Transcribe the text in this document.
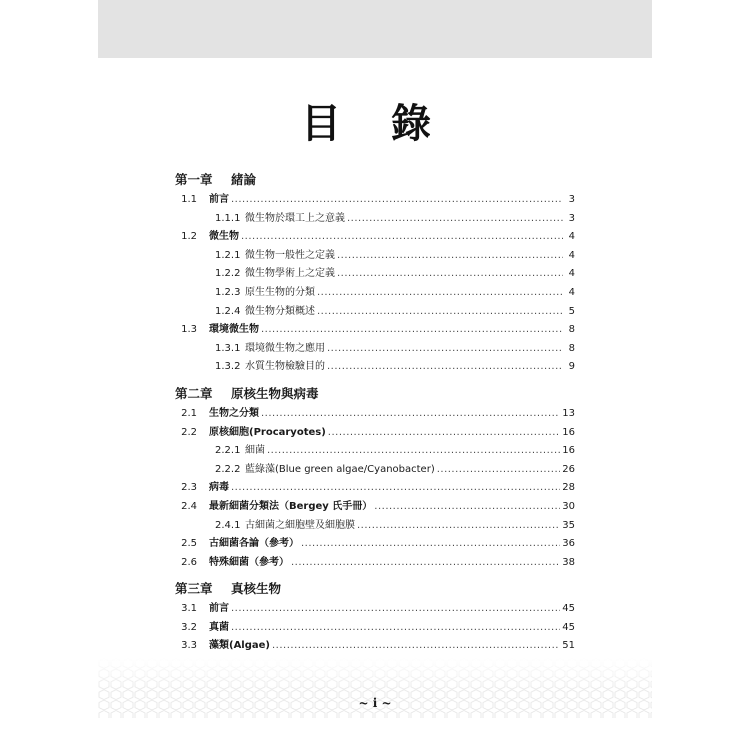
目 錄
第一章	緒論
1.1	前言 .....	3
1.1.1 微生物於環工上之意義 .....	3
1.2	微生物 .....	4
1.2.1 微生物一般性之定義 .....	4
1.2.2 微生物學術上之定義 .....	4
1.2.3 原生生物的分類 .....	4
1.2.4 微生物分類概述 .....	5
1.3	環境微生物 .....	8
1.3.1 環境微生物之應用 .....	8
1.3.2 水質生物檢驗目的 .....	9
第二章	原核生物與病毒
2.1	生物之分類 .....	13
2.2	原核細胞(Procaryotes) .....	16
2.2.1 細菌 .....	16
2.2.2 藍綠藻(Blue green algae/Cyanobacter) .....	26
2.3	病毒 .....	28
2.4	最新細菌分類法（Bergey 氏手冊） .....	30
2.4.1 古細菌之細胞壁及細胞膜 .....	35
2.5	古細菌各論（參考） .....	36
2.6	特殊細菌（參考） .....	38
第三章	真核生物
3.1	前言 .....	45
3.2	真菌 .....	45
3.3	藻類(Algae) .....	51
~ i ~
